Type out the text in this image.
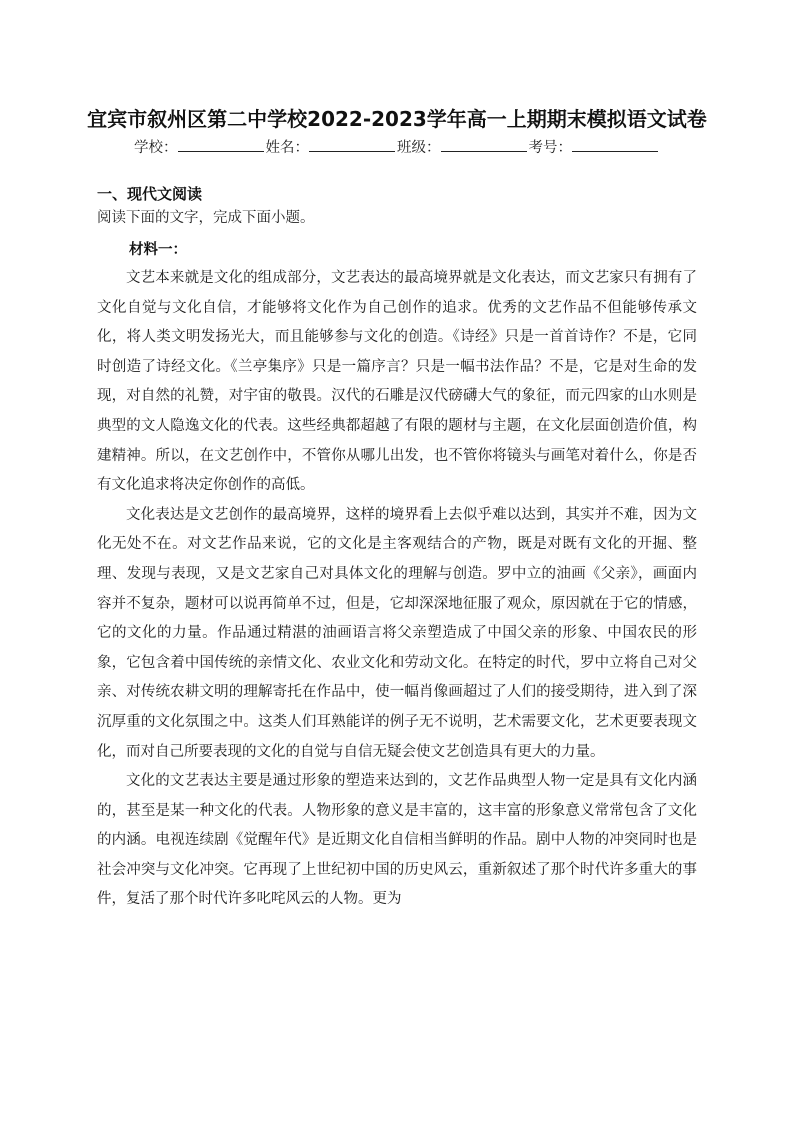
宜宾市叙州区第二中学校2022-2023学年高一上期期末模拟语文试卷
学校：	姓名：	班级：	考号：
一、现代文阅读
阅读下面的文字，完成下面小题。
材料一：

文艺本来就是文化的组成部分，文艺表达的最高境界就是文化表达，而文艺家只有拥有了文化自觉与文化自信，才能够将文化作为自己创作的追求。优秀的文艺作品不但能够传承文化，将人类文明发扬光大，而且能够参与文化的创造。《诗经》只是一首首诗作？不是，它同时创造了诗经文化。《兰亭集序》只是一篇序言？只是一幅书法作品？不是，它是对生命的发现，对自然的礼赞，对宇宙的敬畏。汉代的石雕是汉代磅礴大气的象征，而元四家的山水则是典型的文人隐逸文化的代表。这些经典都超越了有限的题材与主题，在文化层面创造价值，构建精神。所以，在文艺创作中，不管你从哪儿出发，也不管你将镜头与画笔对着什么，你是否有文化追求将决定你创作的高低。

文化表达是文艺创作的最高境界，这样的境界看上去似乎难以达到，其实并不难，因为文化无处不在。对文艺作品来说，它的文化是主客观结合的产物，既是对既有文化的开掘、整理、发现与表现，又是文艺家自己对具体文化的理解与创造。罗中立的油画《父亲》，画面内容并不复杂，题材可以说再简单不过，但是，它却深深地征服了观众，原因就在于它的情感，它的文化的力量。作品通过精湛的油画语言将父亲塑造成了中国父亲的形象、中国农民的形象，它包含着中国传统的亲情文化、农业文化和劳动文化。在特定的时代，罗中立将自己对父亲、对传统农耕文明的理解寄托在作品中，使一幅肖像画超过了人们的接受期待，进入到了深沉厚重的文化氛围之中。这类人们耳熟能详的例子无不说明，艺术需要文化，艺术更要表现文化，而对自己所要表现的文化的自觉与自信无疑会使文艺创造具有更大的力量。

文化的文艺表达主要是通过形象的塑造来达到的，文艺作品典型人物一定是具有文化内涵的，甚至是某一种文化的代表。人物形象的意义是丰富的，这丰富的形象意义常常包含了文化的内涵。电视连续剧《觉醒年代》是近期文化自信相当鲜明的作品。剧中人物的冲突同时也是社会冲突与文化冲突。它再现了上世纪初中国的历史风云，重新叙述了那个时代许多重大的事件，复活了那个时代许多叱咤风云的人物。更为
